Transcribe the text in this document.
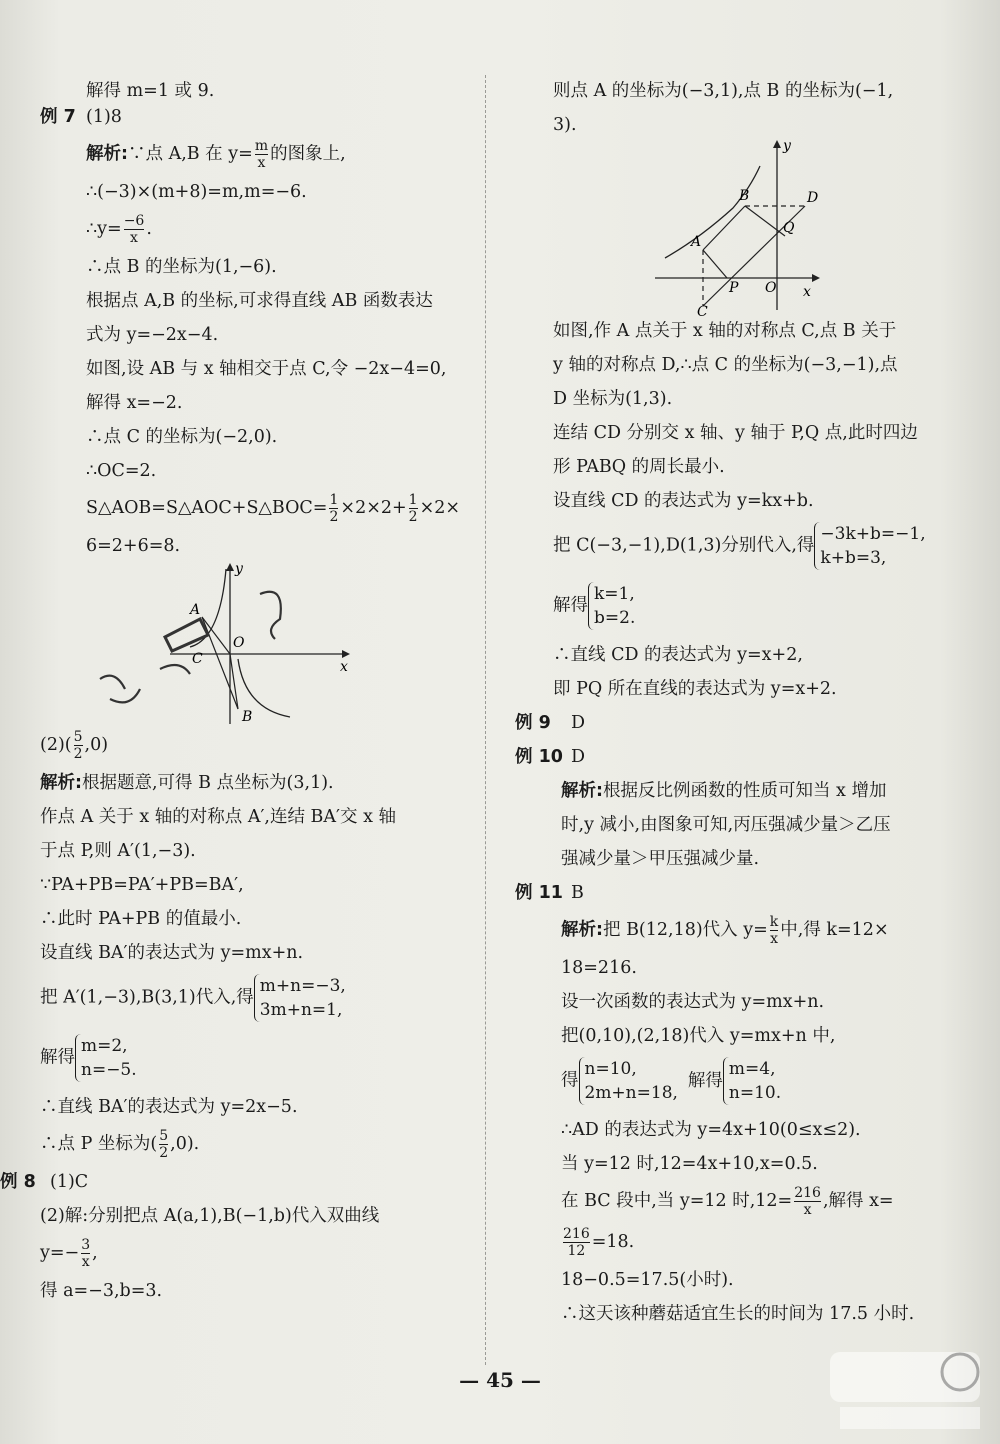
解得 m=1 或 9.
例 7 (1)8
解析:∵点 A,B 在 $y= \frac{m}{x}$ 的图象上,
∴(−3)×(m+8)=m,m=−6.
∴y= $\frac{-6}{x}$ .
∴点 B 的坐标为(1,−6).
根据点 A,B 的坐标,可求得直线 AB 函数表达
式为 y=−2x−4.
如图,设 AB 与 x 轴相交于点 C,令 −2x−4=0,
解得 x=−2.
∴点 C 的坐标为(−2,0).
∴OC=2.
S△AOB=S△AOC+S△BOC= $\frac{1}{2} \times 2\times 2+ \frac{1}{2} \times 2\times$
6=2+6=8.
y
A
O
C	x
B
$(2)( \frac{5}{2} ,0)$
解析:根据题意,可得 B 点坐标为(3,1).
作点 A 关于 x 轴的对称点 A′,连结 BA′交 x 轴
于点 P,则 A′(1,−3).
∵PA+PB=PA′+PB=BA′,
∴此时 PA+PB 的值最小.
设直线 BA′的表达式为 y=mx+n.
把 A′(1,−3),B(3,1)代入,得
m+n=−3,
3m+n=1,
解得
m=2,
n=−5.
∴直线 BA′的表达式为 y=2x−5.
∴点 P 坐标为( $\frac{5}{2} ,0$).
例 8 (1)C
(2)解:分别把点 A(a,1),B(−1,b)代入双曲线
$y=- \frac{3}{x}$ ,
得 a=−3,b=3.
则点 A 的坐标为(−3,1),点 B 的坐标为(−1,
3).
y
B	D
Q
A
P O x
C
如图,作 A 点关于 x 轴的对称点 C,点 B 关于
y 轴的对称点 D,∴点 C 的坐标为(−3,−1),点
D 坐标为(1,3).
连结 CD 分别交 x 轴、y 轴于 P,Q 点,此时四边
形 PABQ 的周长最小.
设直线 CD 的表达式为 y=kx+b.
把 C(−3,−1),D(1,3)分别代入,得
−3k+b=−1,
k+b=3,
解得
k=1,
b=2.
∴直线 CD 的表达式为 y=x+2,
即 PQ 所在直线的表达式为 y=x+2.
例 9 D
例 10 D
解析:根据反比例函数的性质可知当 x 增加
时,y 减小,由图象可知,丙压强减少量＞乙压
强减少量＞甲压强减少量.
例 11 B
解析:把 B(12,18)代入 $y= \frac{k}{x}$ 中,得 k=12×
18=216.
设一次函数的表达式为 y=mx+n.
把(0,10),(2,18)代入 y=mx+n 中,
得
n=10,
2m+n=18,
解得
m=4,
n=10.
∴AD 的表达式为 y=4x+10(0≤x≤2).
当 y=12 时,12=4x+10,x=0.5.
在 BC 段中,当 y=12 时$,12= \frac{216}{x}$ ,解得 x=
$\frac{216}{12} =18$.
18−0.5=17.5(小时).
∴这天该种蘑菇适宜生长的时间为 17.5 小时.
— 45 —
